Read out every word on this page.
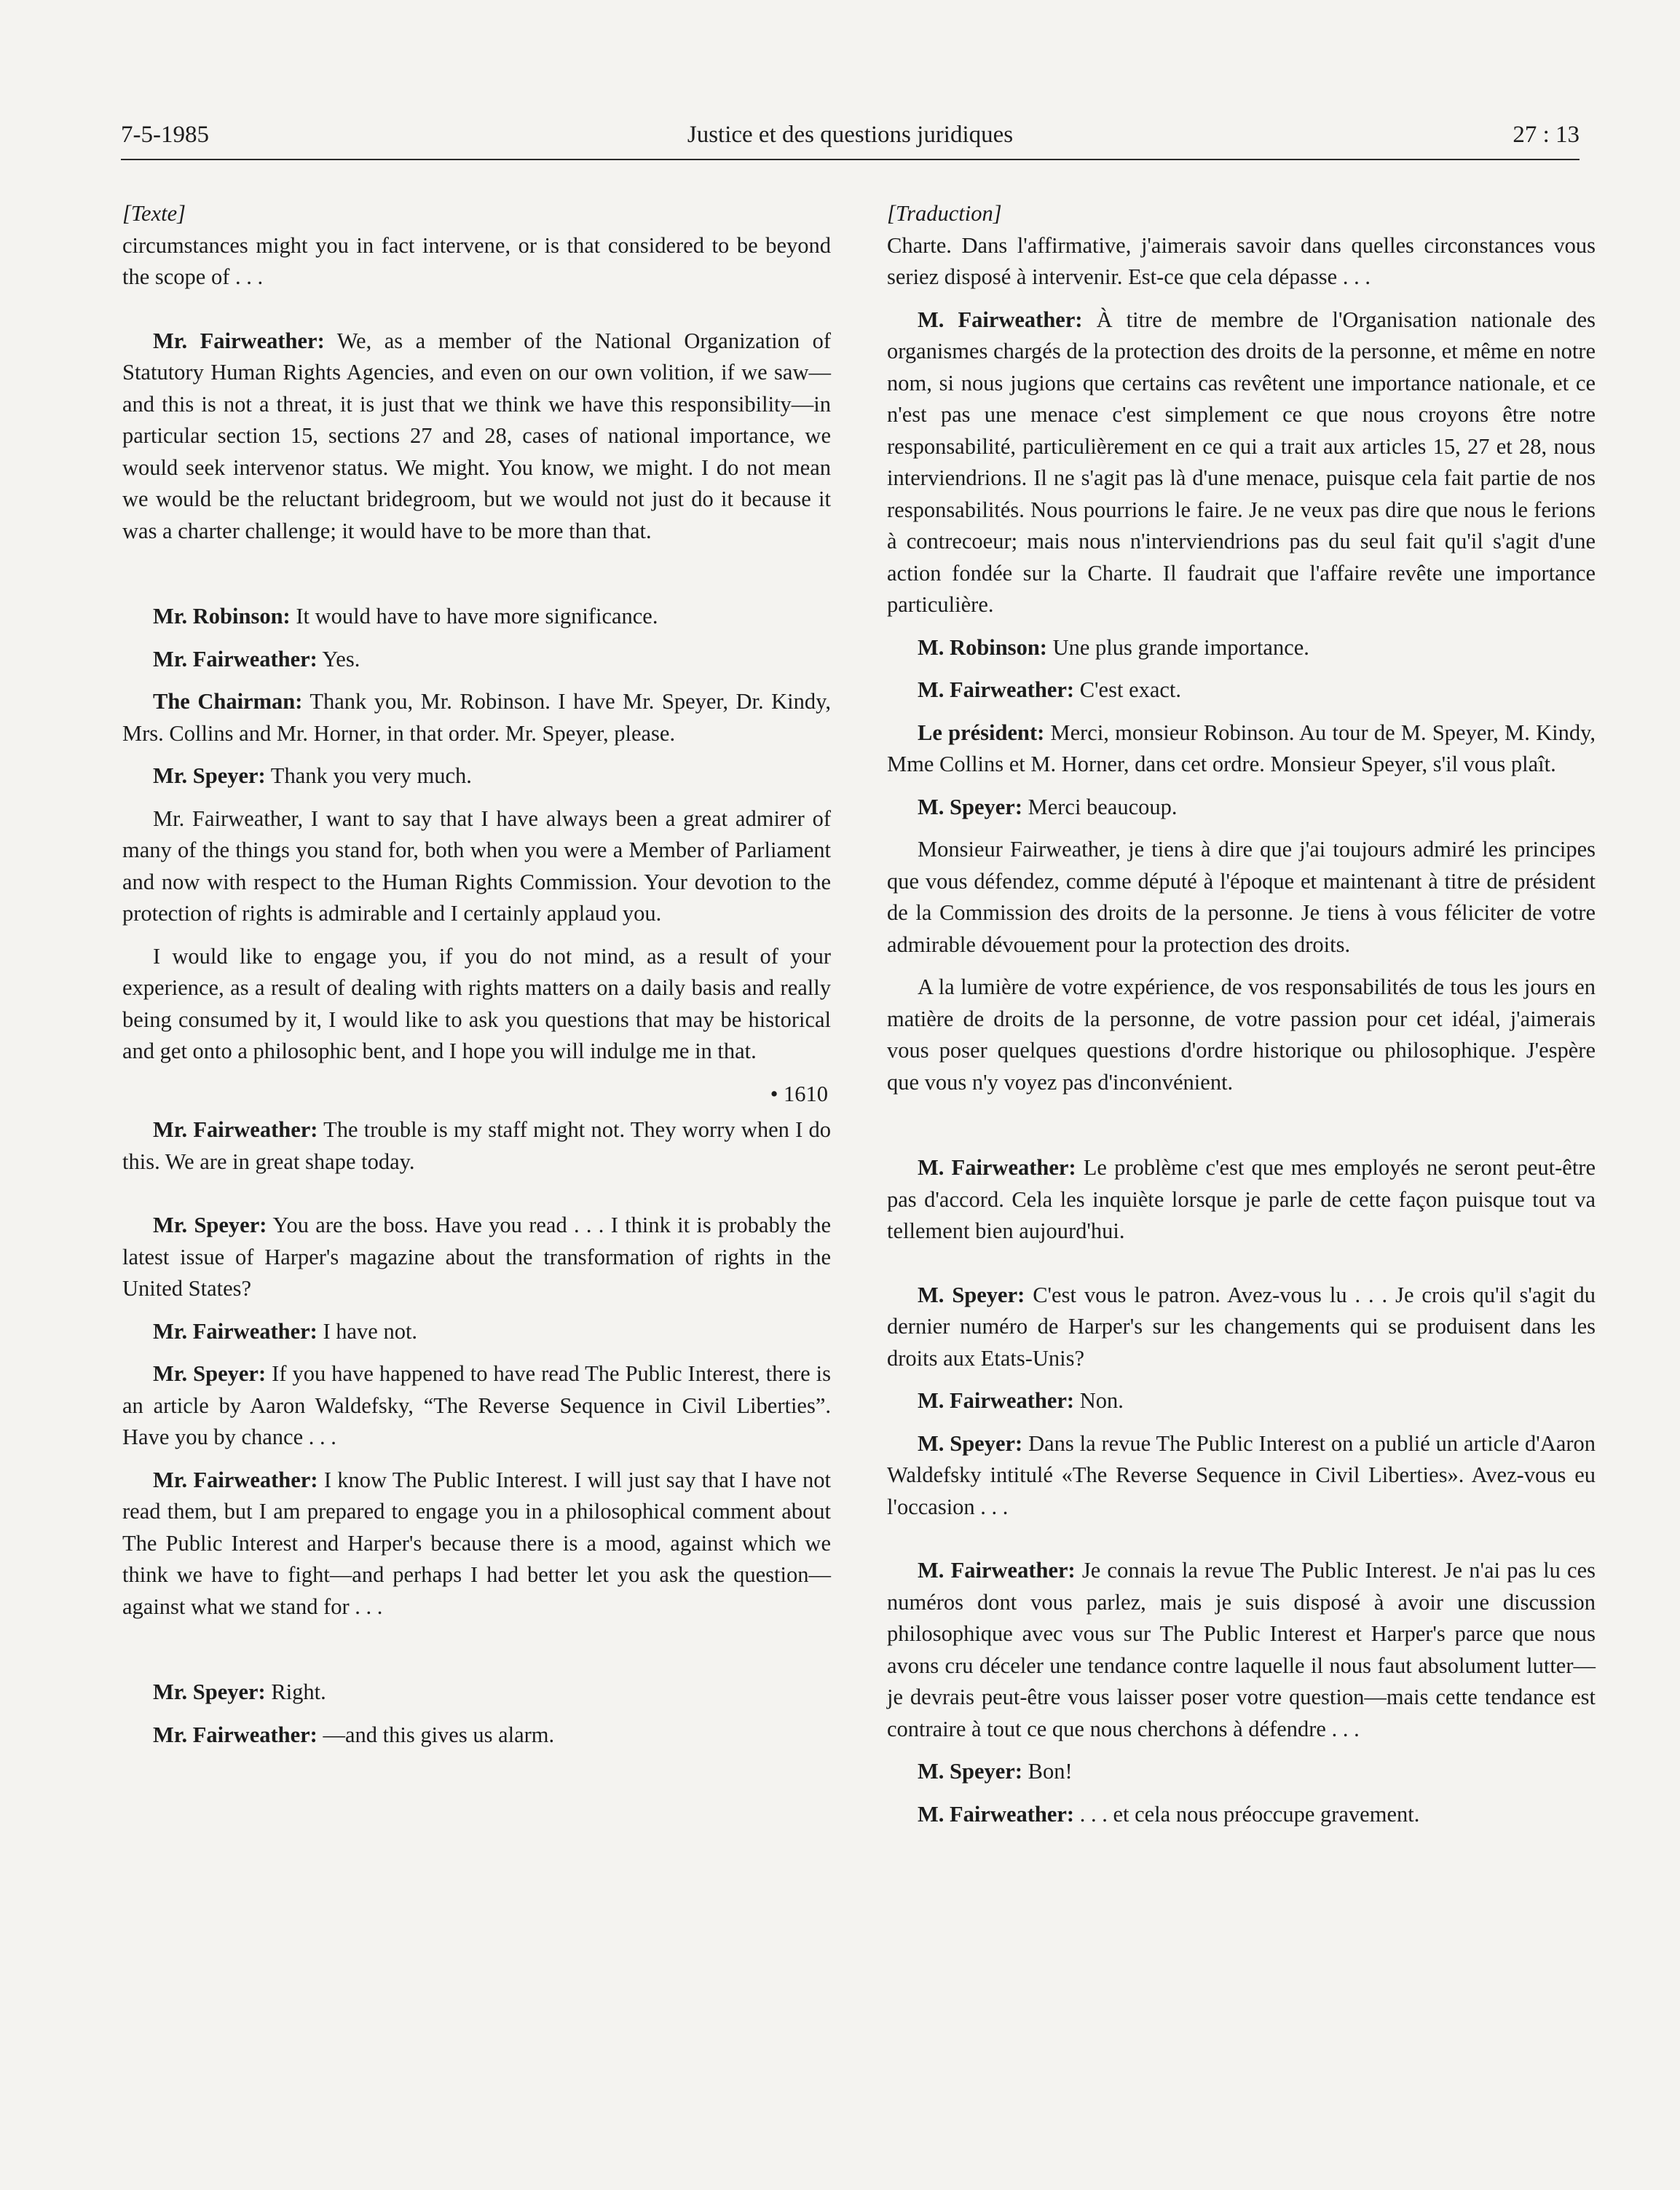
7-5-1985	Justice et des questions juridiques	27 : 13

[Texte]

circumstances might you in fact intervene, or is that considered to be beyond the scope of . . .

Mr. Fairweather: We, as a member of the National Organization of Statutory Human Rights Agencies, and even on our own volition, if we saw—and this is not a threat, it is just that we think we have this responsibility—in particular section 15, sections 27 and 28, cases of national importance, we would seek intervenor status. We might. You know, we might. I do not mean we would be the reluctant bridegroom, but we would not just do it because it was a charter challenge; it would have to be more than that.

Mr. Robinson: It would have to have more significance.

Mr. Fairweather: Yes.

The Chairman: Thank you, Mr. Robinson. I have Mr. Speyer, Dr. Kindy, Mrs. Collins and Mr. Horner, in that order. Mr. Speyer, please.

Mr. Speyer: Thank you very much.

Mr. Fairweather, I want to say that I have always been a great admirer of many of the things you stand for, both when you were a Member of Parliament and now with respect to the Human Rights Commission. Your devotion to the protection of rights is admirable and I certainly applaud you.

I would like to engage you, if you do not mind, as a result of your experience, as a result of dealing with rights matters on a daily basis and really being consumed by it, I would like to ask you questions that may be historical and get onto a philosophic bent, and I hope you will indulge me in that.

• 1610

Mr. Fairweather: The trouble is my staff might not. They worry when I do this. We are in great shape today.

Mr. Speyer: You are the boss. Have you read . . . I think it is probably the latest issue of Harper's magazine about the transformation of rights in the United States?

Mr. Fairweather: I have not.

Mr. Speyer: If you have happened to have read The Public Interest, there is an article by Aaron Waldefsky, “The Reverse Sequence in Civil Liberties”. Have you by chance . . .

Mr. Fairweather: I know The Public Interest. I will just say that I have not read them, but I am prepared to engage you in a philosophical comment about The Public Interest and Harper's because there is a mood, against which we think we have to fight—and perhaps I had better let you ask the question—against what we stand for . . .

Mr. Speyer: Right.

Mr. Fairweather: —and this gives us alarm.

[Traduction]

Charte. Dans l'affirmative, j'aimerais savoir dans quelles circonstances vous seriez disposé à intervenir. Est-ce que cela dépasse . . .

M. Fairweather: À titre de membre de l'Organisation nationale des organismes chargés de la protection des droits de la personne, et même en notre nom, si nous jugions que certains cas revêtent une importance nationale, et ce n'est pas une menace c'est simplement ce que nous croyons être notre responsabilité, particulièrement en ce qui a trait aux articles 15, 27 et 28, nous interviendrions. Il ne s'agit pas là d'une menace, puisque cela fait partie de nos responsabilités. Nous pourrions le faire. Je ne veux pas dire que nous le ferions à contrecoeur; mais nous n'interviendrions pas du seul fait qu'il s'agit d'une action fondée sur la Charte. Il faudrait que l'affaire revête une importance particulière.

M. Robinson: Une plus grande importance.

M. Fairweather: C'est exact.

Le président: Merci, monsieur Robinson. Au tour de M. Speyer, M. Kindy, Mme Collins et M. Horner, dans cet ordre. Monsieur Speyer, s'il vous plaît.

M. Speyer: Merci beaucoup.

Monsieur Fairweather, je tiens à dire que j'ai toujours admiré les principes que vous défendez, comme député à l'époque et maintenant à titre de président de la Commission des droits de la personne. Je tiens à vous féliciter de votre admirable dévouement pour la protection des droits.

A la lumière de votre expérience, de vos responsabilités de tous les jours en matière de droits de la personne, de votre passion pour cet idéal, j'aimerais vous poser quelques questions d'ordre historique ou philosophique. J'espère que vous n'y voyez pas d'inconvénient.

M. Fairweather: Le problème c'est que mes employés ne seront peut-être pas d'accord. Cela les inquiète lorsque je parle de cette façon puisque tout va tellement bien aujourd'hui.

M. Speyer: C'est vous le patron. Avez-vous lu . . . Je crois qu'il s'agit du dernier numéro de Harper's sur les changements qui se produisent dans les droits aux Etats-Unis?

M. Fairweather: Non.

M. Speyer: Dans la revue The Public Interest on a publié un article d'Aaron Waldefsky intitulé «The Reverse Sequence in Civil Liberties». Avez-vous eu l'occasion . . .

M. Fairweather: Je connais la revue The Public Interest. Je n'ai pas lu ces numéros dont vous parlez, mais je suis disposé à avoir une discussion philosophique avec vous sur The Public Interest et Harper's parce que nous avons cru déceler une tendance contre laquelle il nous faut absolument lutter—je devrais peut-être vous laisser poser votre question—mais cette tendance est contraire à tout ce que nous cherchons à défendre . . .

M. Speyer: Bon!

M. Fairweather: . . . et cela nous préoccupe gravement.
